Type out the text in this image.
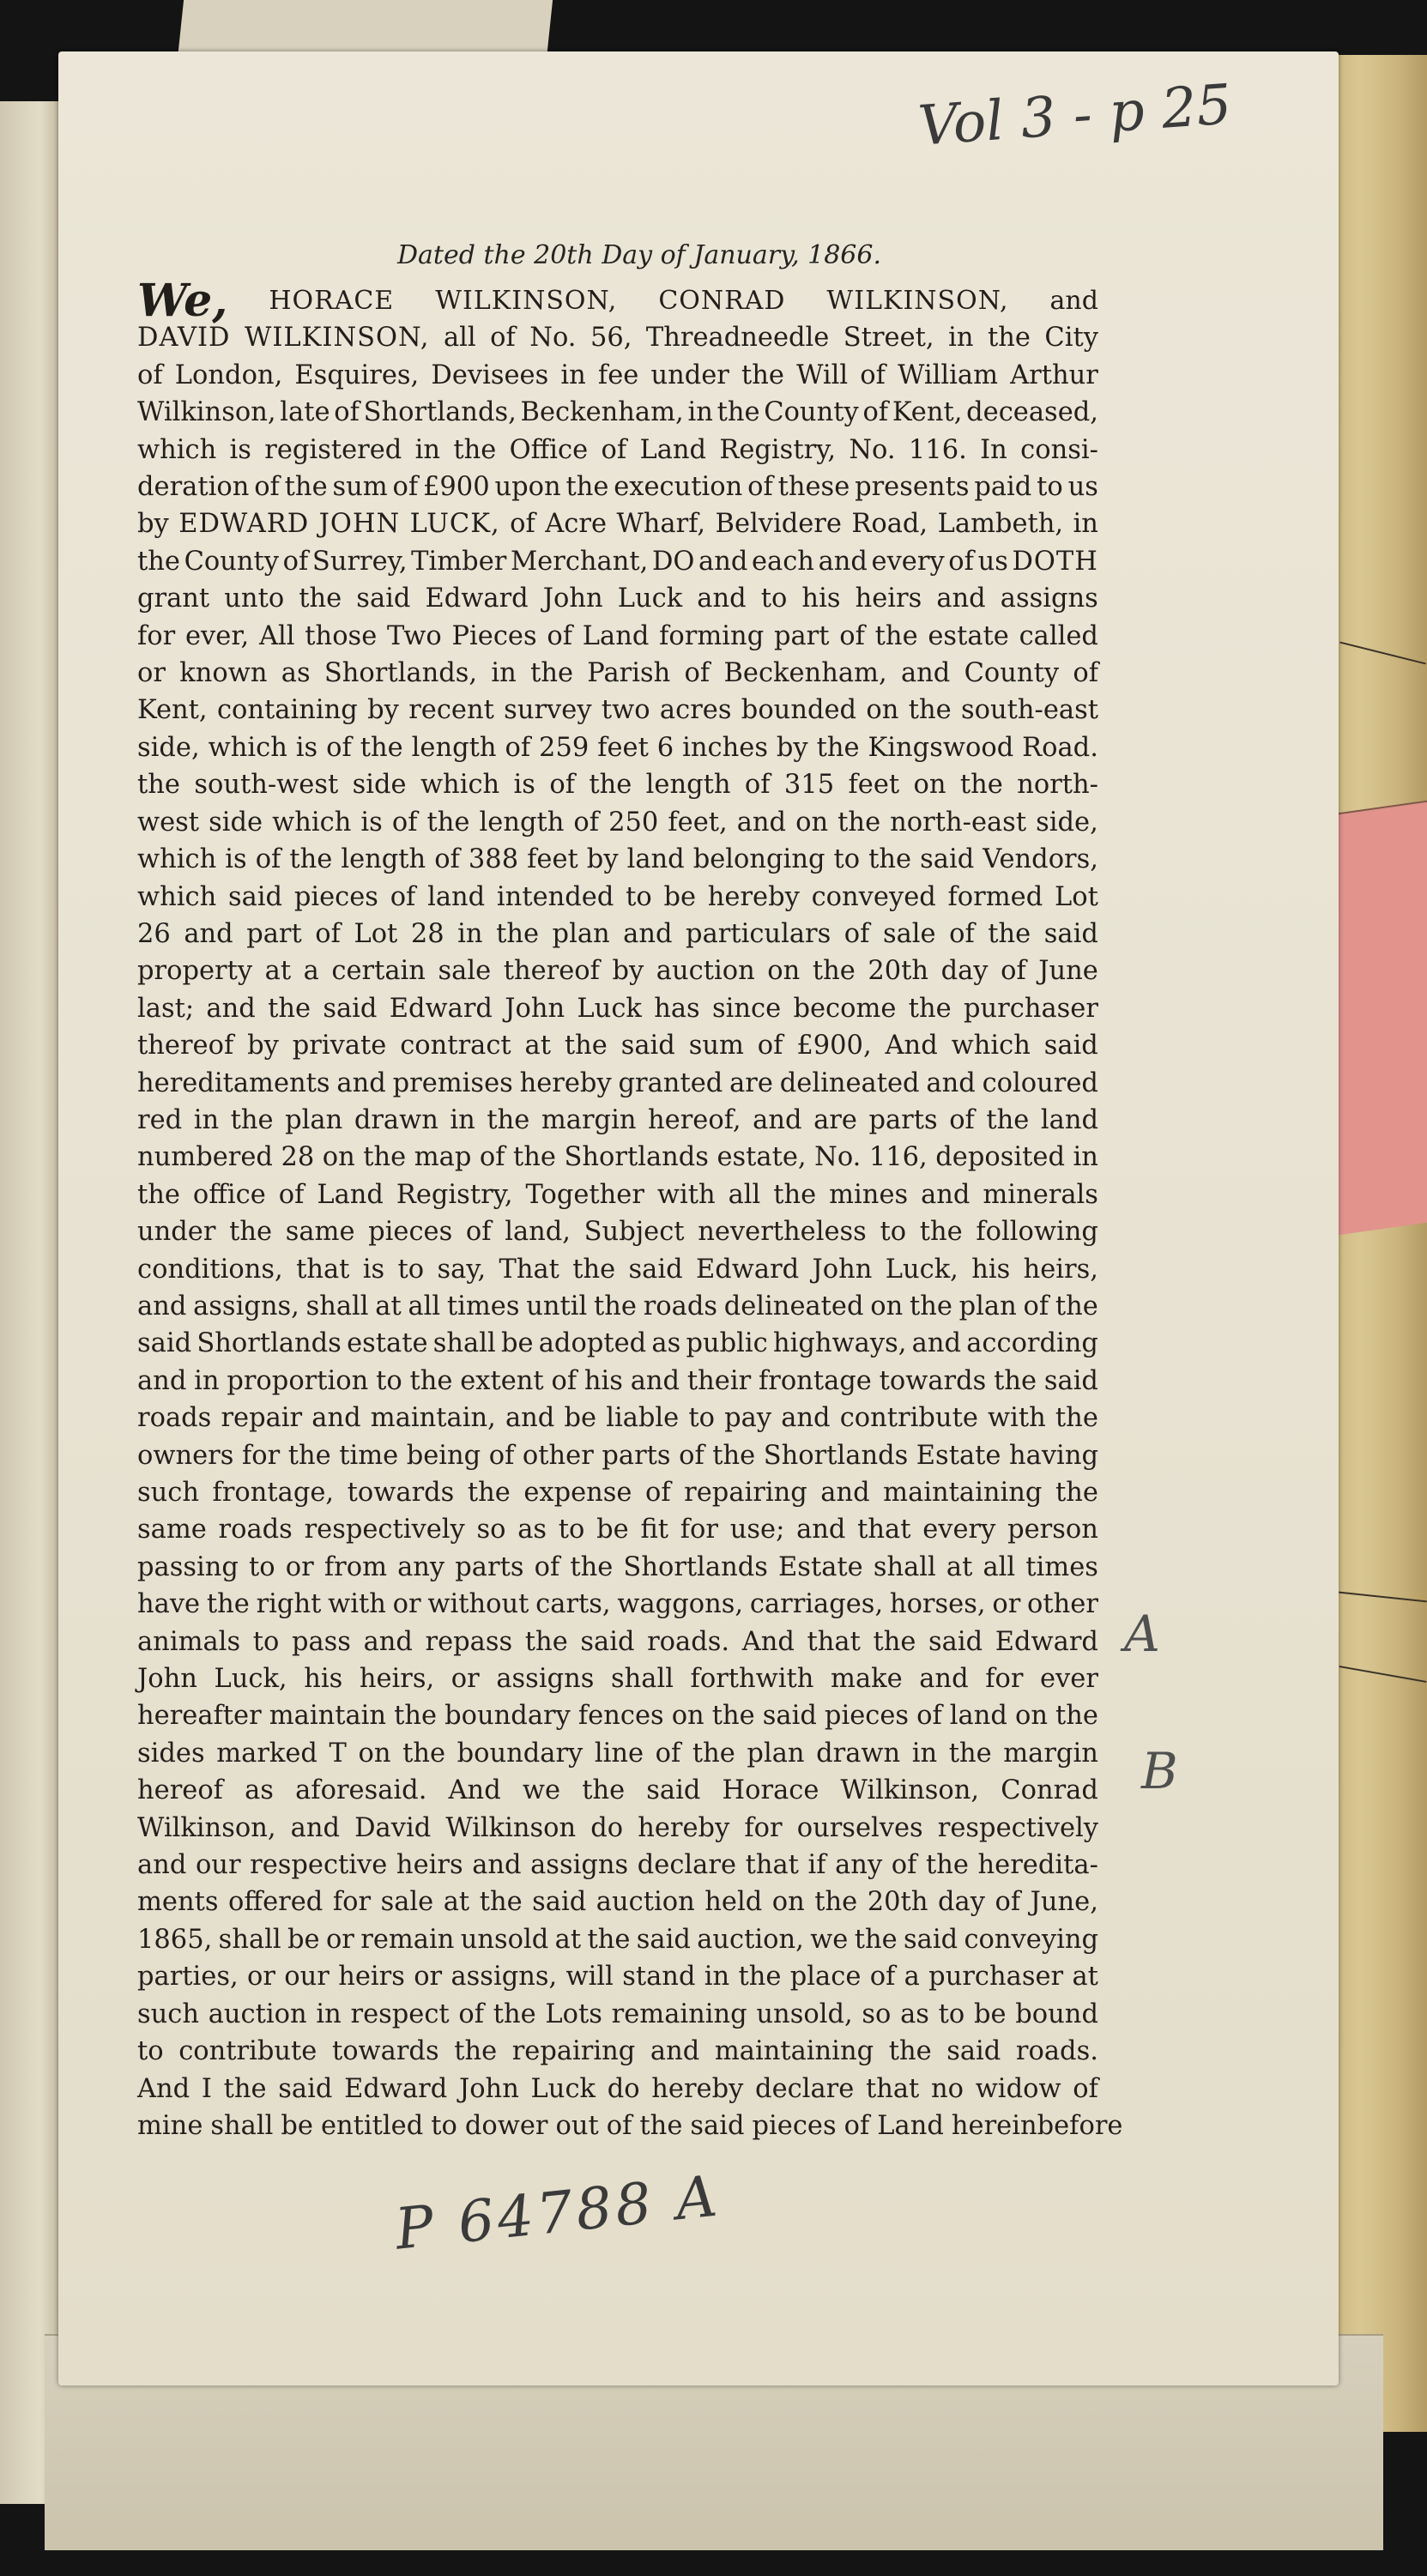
Vol 3 - p 25
A
B
P 64788 A
Dated the 20th Day of January, 1866.
We, HORACE WILKINSON, CONRAD WILKINSON, and
DAVID WILKINSON, all of No. 56, Threadneedle Street, in the City
of London, Esquires, Devisees in fee under the Will of William Arthur
Wilkinson, late of Shortlands, Beckenham, in the County of Kent, deceased,
which is registered in the Office of Land Registry, No. 116. In consi-
deration of the sum of £900 upon the execution of these presents paid to us
by EDWARD JOHN LUCK, of Acre Wharf, Belvidere Road, Lambeth, in
the County of Surrey, Timber Merchant, DO and each and every of us DOTH
grant unto the said Edward John Luck and to his heirs and assigns
for ever, All those Two Pieces of Land forming part of the estate called
or known as Shortlands, in the Parish of Beckenham, and County of
Kent, containing by recent survey two acres bounded on the south-east
side, which is of the length of 259 feet 6 inches by the Kingswood Road.
the south-west side which is of the length of 315 feet on the north-
west side which is of the length of 250 feet, and on the north-east side,
which is of the length of 388 feet by land belonging to the said Vendors,
which said pieces of land intended to be hereby conveyed formed Lot
26 and part of Lot 28 in the plan and particulars of sale of the said
property at a certain sale thereof by auction on the 20th day of June
last; and the said Edward John Luck has since become the purchaser
thereof by private contract at the said sum of £900, And which said
hereditaments and premises hereby granted are delineated and coloured
red in the plan drawn in the margin hereof, and are parts of the land
numbered 28 on the map of the Shortlands estate, No. 116, deposited in
the office of Land Registry, Together with all the mines and minerals
under the same pieces of land, Subject nevertheless to the following
conditions, that is to say, That the said Edward John Luck, his heirs,
and assigns, shall at all times until the roads delineated on the plan of the
said Shortlands estate shall be adopted as public highways, and according
and in proportion to the extent of his and their frontage towards the said
roads repair and maintain, and be liable to pay and contribute with the
owners for the time being of other parts of the Shortlands Estate having
such frontage, towards the expense of repairing and maintaining the
same roads respectively so as to be fit for use; and that every person
passing to or from any parts of the Shortlands Estate shall at all times
have the right with or without carts, waggons, carriages, horses, or other
animals to pass and repass the said roads. And that the said Edward
John Luck, his heirs, or assigns shall forthwith make and for ever
hereafter maintain the boundary fences on the said pieces of land on the
sides marked T on the boundary line of the plan drawn in the margin
hereof as aforesaid. And we the said Horace Wilkinson, Conrad
Wilkinson, and David Wilkinson do hereby for ourselves respectively
and our respective heirs and assigns declare that if any of the heredita-
ments offered for sale at the said auction held on the 20th day of June,
1865, shall be or remain unsold at the said auction, we the said conveying
parties, or our heirs or assigns, will stand in the place of a purchaser at
such auction in respect of the Lots remaining unsold, so as to be bound
to contribute towards the repairing and maintaining the said roads.
And I the said Edward John Luck do hereby declare that no widow of
mine shall be entitled to dower out of the said pieces of Land hereinbefore
